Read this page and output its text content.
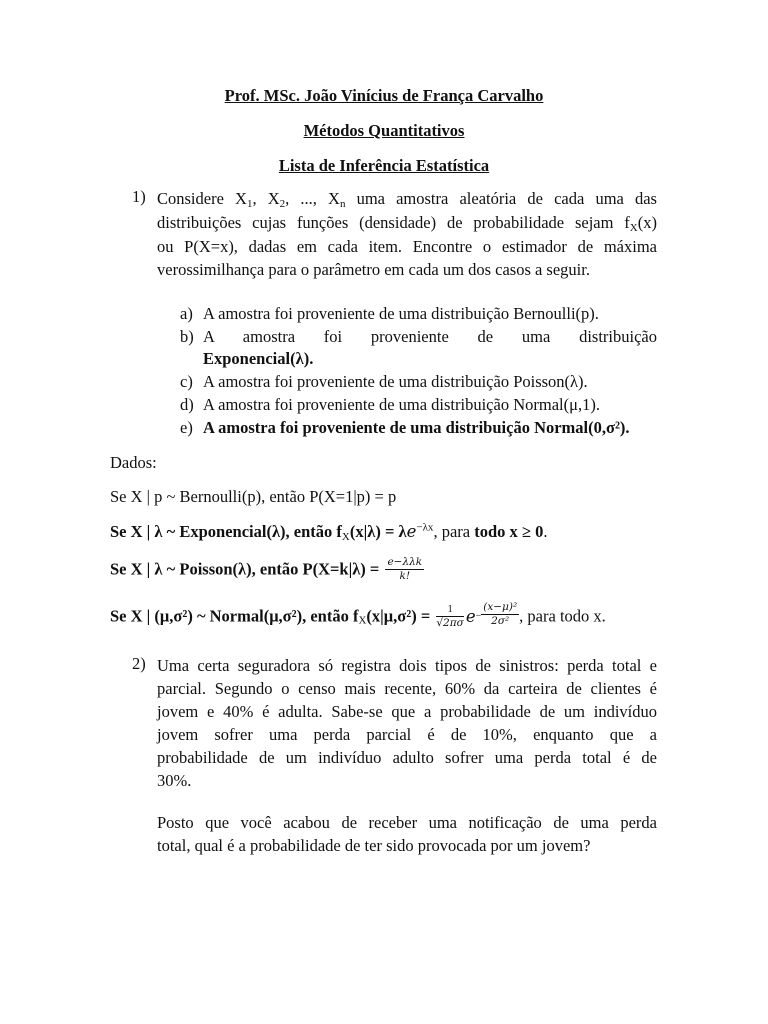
Prof. MSc. João Vinícius de França Carvalho
Métodos Quantitativos
Lista de Inferência Estatística
1) Considere $X_1$, $X_2$, ..., $X_n$ uma amostra aleatória de cada uma das
distribuições cujas funções (densidade) de probabilidade sejam $f_X(x)$
ou P(X=x), dadas em cada item. Encontre o estimador de máxima
verossimilhança para o parâmetro em cada um dos casos a seguir.
a) A amostra foi proveniente de uma distribuição Bernoulli(p).
b) A amostra foi proveniente de uma distribuição
Exponencial(λ).
c) A amostra foi proveniente de uma distribuição Poisson(λ).
d) A amostra foi proveniente de uma distribuição Normal(μ,1).
e) A amostra foi proveniente de uma distribuição Normal(0,σ²).
Dados:
Se X | p ~ Bernoulli(p), então P(X=1|p) = p
Se X | λ ~ Exponencial(λ), então $f_X(x|\lambda) = \lambda e^{-\lambda x}$, para todo x ≥ 0.
Se X | λ ~ Poisson(λ), então $P(X=k|\lambda) = \frac{\text{e−λλk}}{k!}$
Se X | (μ,σ²) ~ Normal(μ,σ²), então $f_X(x|\mu,\sigma^2) = \frac{1}{√2\pi\sigma} e- \frac{\text{(x−μ)²}}{\text{2σ²}}$ , para todo x.
2) Uma certa seguradora só registra dois tipos de sinistros: perda total e
parcial. Segundo o censo mais recente, 60% da carteira de clientes é
jovem e 40% é adulta. Sabe-se que a probabilidade de um indivíduo
jovem sofrer uma perda parcial é de 10%, enquanto que a
probabilidade de um indivíduo adulto sofrer uma perda total é de
30%.
Posto que você acabou de receber uma notificação de uma perda
total, qual é a probabilidade de ter sido provocada por um jovem?
